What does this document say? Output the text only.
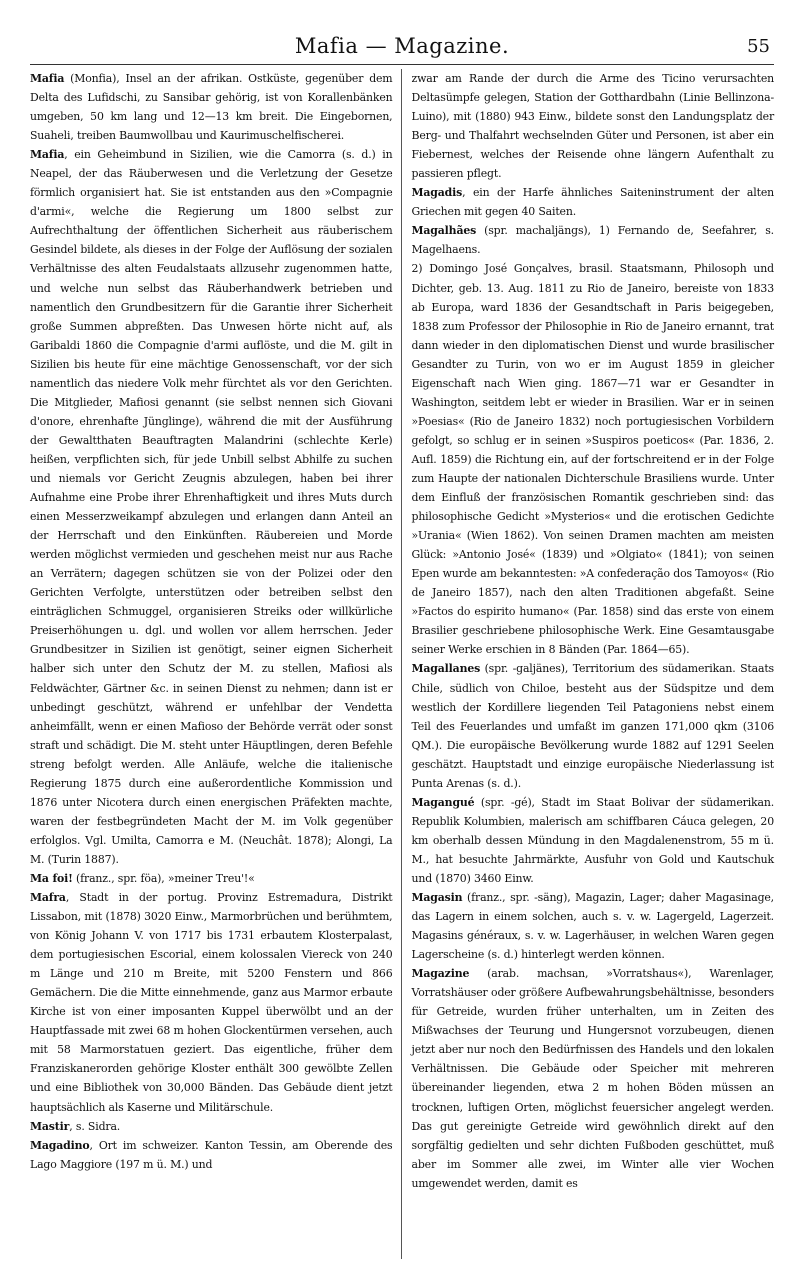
Mafia — Magazine.	55

Mafia (Monfia), Insel an der afrikan. Ostküste, gegenüber dem Delta des Lufidschi, zu Sansibar gehörig, ist von Korallenbänken umgeben, 50 km lang und 12—13 km breit. Die Eingebornen, Suaheli, treiben Baumwollbau und Kaurimuschelfischerei.

Mafia, ein Geheimbund in Sizilien, wie die Camorra (s. d.) in Neapel, der das Räuberwesen und die Verletzung der Gesetze förmlich organisiert hat. Sie ist entstanden aus den »Compagnie d'armi«, welche die Regierung um 1800 selbst zur Aufrechthaltung der öffentlichen Sicherheit aus räuberischem Gesindel bildete, als dieses in der Folge der Auflösung der sozialen Verhältnisse des alten Feudalstaats allzusehr zugenommen hatte, und welche nun selbst das Räuberhandwerk betrieben und namentlich den Grundbesitzern für die Garantie ihrer Sicherheit große Summen abpreßten. Das Unwesen hörte nicht auf, als Garibaldi 1860 die Compagnie d'armi auflöste, und die M. gilt in Sizilien bis heute für eine mächtige Genossenschaft, vor der sich namentlich das niedere Volk mehr fürchtet als vor den Gerichten. Die Mitglieder, Mafiosi genannt (sie selbst nennen sich Giovani d'onore, ehrenhafte Jünglinge), während die mit der Ausführung der Gewaltthaten Beauftragten Malandrini (schlechte Kerle) heißen, verpflichten sich, für jede Unbill selbst Abhilfe zu suchen und niemals vor Gericht Zeugnis abzulegen, haben bei ihrer Aufnahme eine Probe ihrer Ehrenhaftigkeit und ihres Muts durch einen Messerzweikampf abzulegen und erlangen dann Anteil an der Herrschaft und den Einkünften. Räubereien und Morde werden möglichst vermieden und geschehen meist nur aus Rache an Verrätern; dagegen schützen sie von der Polizei oder den Gerichten Verfolgte, unterstützen oder betreiben selbst den einträglichen Schmuggel, organisieren Streiks oder willkürliche Preiserhöhungen u. dgl. und wollen vor allem herrschen. Jeder Grundbesitzer in Sizilien ist genötigt, seiner eignen Sicherheit halber sich unter den Schutz der M. zu stellen, Mafiosi als Feldwächter, Gärtner &c. in seinen Dienst zu nehmen; dann ist er unbedingt geschützt, während er unfehlbar der Vendetta anheimfällt, wenn er einen Mafioso der Behörde verrät oder sonst straft und schädigt. Die M. steht unter Häuptlingen, deren Befehle streng befolgt werden. Alle Anläufe, welche die italienische Regierung 1875 durch eine außerordentliche Kommission und 1876 unter Nicotera durch einen energischen Präfekten machte, waren der festbegründeten Macht der M. im Volk gegenüber erfolglos. Vgl. Umilta, Camorra e M. (Neuchât. 1878); Alongi, La M. (Turin 1887).

Ma foi! (franz., spr. föa), »meiner Treu'!«

Mafra, Stadt in der portug. Provinz Estremadura, Distrikt Lissabon, mit (1878) 3020 Einw., Marmorbrüchen und berühmtem, von König Johann V. von 1717 bis 1731 erbautem Klosterpalast, dem portugiesischen Escorial, einem kolossalen Viereck von 240 m Länge und 210 m Breite, mit 5200 Fenstern und 866 Gemächern. Die die Mitte einnehmende, ganz aus Marmor erbaute Kirche ist von einer imposanten Kuppel überwölbt und an der Hauptfassade mit zwei 68 m hohen Glockentürmen versehen, auch mit 58 Marmorstatuen geziert. Das eigentliche, früher dem Franziskanerorden gehörige Kloster enthält 300 gewölbte Zellen und eine Bibliothek von 30,000 Bänden. Das Gebäude dient jetzt hauptsächlich als Kaserne und Militärschule.

Mastir, s. Sidra.

Magadino, Ort im schweizer. Kanton Tessin, am Oberende des Lago Maggiore (197 m ü. M.) und

zwar am Rande der durch die Arme des Ticino verursachten Deltasümpfe gelegen, Station der Gotthardbahn (Linie Bellinzona-Luino), mit (1880) 943 Einw., bildete sonst den Landungsplatz der Berg- und Thalfahrt wechselnden Güter und Personen, ist aber ein Fiebernest, welches der Reisende ohne längern Aufenthalt zu passieren pflegt.

Magadis, ein der Harfe ähnliches Saiteninstrument der alten Griechen mit gegen 40 Saiten.

Magalhães (spr. machaljängs), 1) Fernando de, Seefahrer, s. Magelhaens.

2) Domingo José Gonçalves, brasil. Staatsmann, Philosoph und Dichter, geb. 13. Aug. 1811 zu Rio de Janeiro, bereiste von 1833 ab Europa, ward 1836 der Gesandtschaft in Paris beigegeben, 1838 zum Professor der Philosophie in Rio de Janeiro ernannt, trat dann wieder in den diplomatischen Dienst und wurde brasilischer Gesandter zu Turin, von wo er im August 1859 in gleicher Eigenschaft nach Wien ging. 1867—71 war er Gesandter in Washington, seitdem lebt er wieder in Brasilien. War er in seinen »Poesias« (Rio de Janeiro 1832) noch portugiesischen Vorbildern gefolgt, so schlug er in seinen »Suspiros poeticos« (Par. 1836, 2. Aufl. 1859) die Richtung ein, auf der fortschreitend er in der Folge zum Haupte der nationalen Dichterschule Brasiliens wurde. Unter dem Einfluß der französischen Romantik geschrieben sind: das philosophische Gedicht »Mysterios« und die erotischen Gedichte »Urania« (Wien 1862). Von seinen Dramen machten am meisten Glück: »Antonio José« (1839) und »Olgiato« (1841); von seinen Epen wurde am bekanntesten: »A confederação dos Tamoyos« (Rio de Janeiro 1857), nach den alten Traditionen abgefaßt. Seine »Factos do espirito humano« (Par. 1858) sind das erste von einem Brasilier geschriebene philosophische Werk. Eine Gesamtausgabe seiner Werke erschien in 8 Bänden (Par. 1864—65).

Magallanes (spr. -galjänes), Territorium des südamerikan. Staats Chile, südlich von Chiloe, besteht aus der Südspitze und dem westlich der Kordillere liegenden Teil Patagoniens nebst einem Teil des Feuerlandes und umfaßt im ganzen 171,000 qkm (3106 QM.). Die europäische Bevölkerung wurde 1882 auf 1291 Seelen geschätzt. Hauptstadt und einzige europäische Niederlassung ist Punta Arenas (s. d.).

Magangué (spr. -gé), Stadt im Staat Bolivar der südamerikan. Republik Kolumbien, malerisch am schiffbaren Cáuca gelegen, 20 km oberhalb dessen Mündung in den Magdalenenstrom, 55 m ü. M., hat besuchte Jahrmärkte, Ausfuhr von Gold und Kautschuk und (1870) 3460 Einw.

Magasin (franz., spr. -säng), Magazin, Lager; daher Magasinage, das Lagern in einem solchen, auch s. v. w. Lagergeld, Lagerzeit. Magasins généraux, s. v. w. Lagerhäuser, in welchen Waren gegen Lagerscheine (s. d.) hinterlegt werden können.

Magazine (arab. machsan, »Vorratshaus«), Warenlager, Vorratshäuser oder größere Aufbewahrungsbehältnisse, besonders für Getreide, wurden früher unterhalten, um in Zeiten des Mißwachses der Teurung und Hungersnot vorzubeugen, dienen jetzt aber nur noch den Bedürfnissen des Handels und den lokalen Verhältnissen. Die Gebäude oder Speicher mit mehreren übereinander liegenden, etwa 2 m hohen Böden müssen an trocknen, luftigen Orten, möglichst feuersicher angelegt werden. Das gut gereinigte Getreide wird gewöhnlich direkt auf den sorgfältig gedielten und sehr dichten Fußboden geschüttet, muß aber im Sommer alle zwei, im Winter alle vier Wochen umgewendet werden, damit es
